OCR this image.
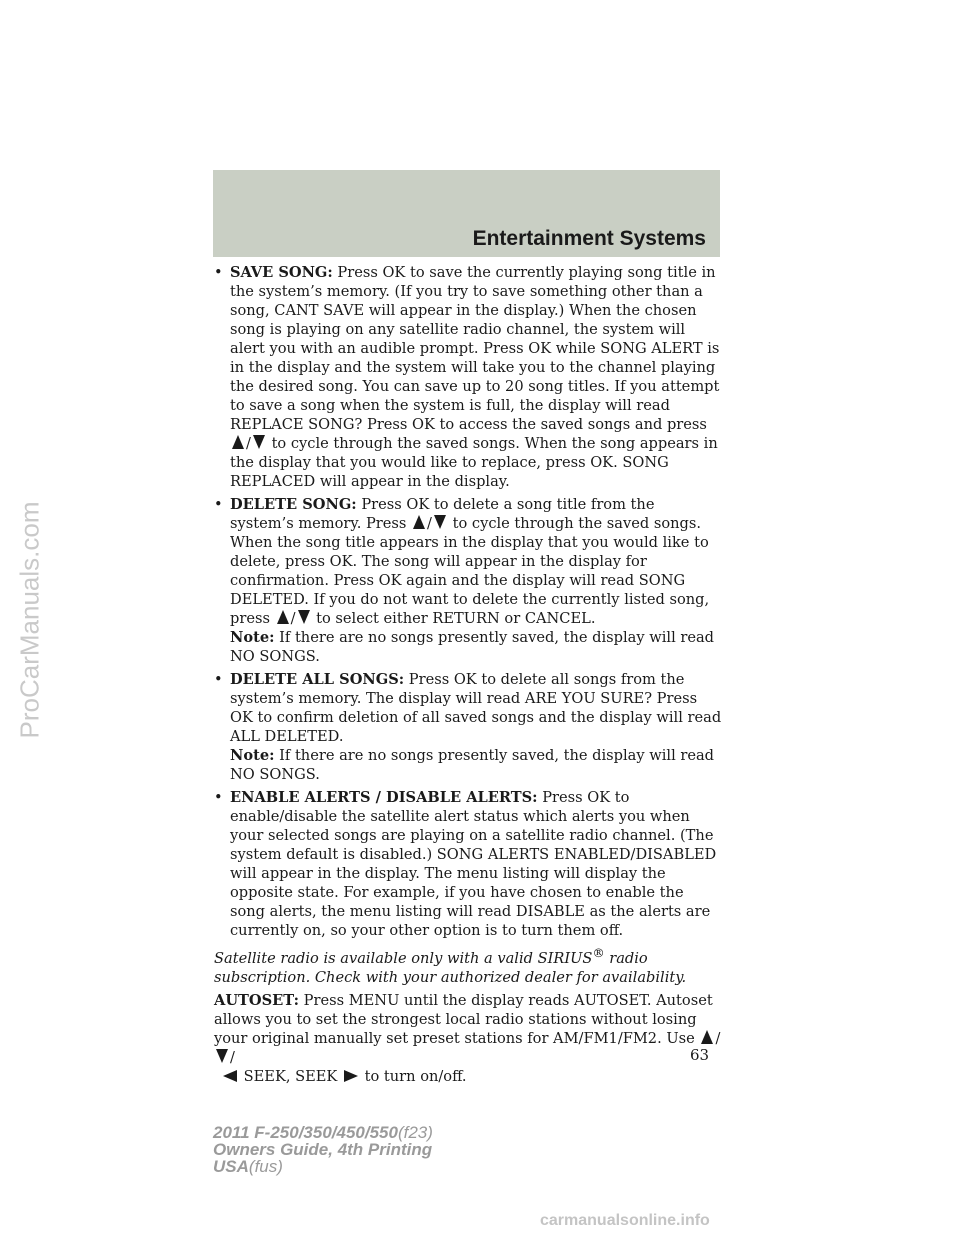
Entertainment Systems
• SAVE SONG: Press OK to save the currently playing song title in the system’s memory. (If you try to save something other than a song, CANT SAVE will appear in the display.) When the chosen song is playing on any satellite radio channel, the system will alert you with an audible prompt. Press OK while SONG ALERT is in the display and the system will take you to the channel playing the desired song. You can save up to 20 song titles. If you attempt to save a song when the system is full, the display will read REPLACE SONG? Press OK to access the saved songs and press / to cycle through the saved songs. When the song appears in the display that you would like to replace, press OK. SONG REPLACED will appear in the display.
• DELETE SONG: Press OK to delete a song title from the system’s memory. Press / to cycle through the saved songs. When the song title appears in the display that you would like to delete, press OK. The song will appear in the display for confirmation. Press OK again and the display will read SONG DELETED. If you do not want to delete the currently listed song, press / to select either RETURN or CANCEL.
Note: If there are no songs presently saved, the display will read NO SONGS.
• DELETE ALL SONGS: Press OK to delete all songs from the system’s memory. The display will read ARE YOU SURE? Press OK to confirm deletion of all saved songs and the display will read ALL DELETED.
Note: If there are no songs presently saved, the display will read NO SONGS.
• ENABLE ALERTS / DISABLE ALERTS: Press OK to enable/disable the satellite alert status which alerts you when your selected songs are playing on a satellite radio channel. (The system default is disabled.) SONG ALERTS ENABLED/DISABLED will appear in the display. The menu listing will display the opposite state. For example, if you have chosen to enable the song alerts, the menu listing will read DISABLE as the alerts are currently on, so your other option is to turn them off.
Satellite radio is available only with a valid SIRIUS® radio subscription. Check with your authorized dealer for availability.
AUTOSET: Press MENU until the display reads AUTOSET. Autoset allows you to set the strongest local radio stations without losing your original manually set preset stations for AM/FM1/FM2. Use //
SEEK, SEEK to turn on/off.
63
2011 F-250/350/450/550(f23)
Owners Guide, 4th Printing
USA(fus)
ProCarManuals.com
carmanualsonline.info
